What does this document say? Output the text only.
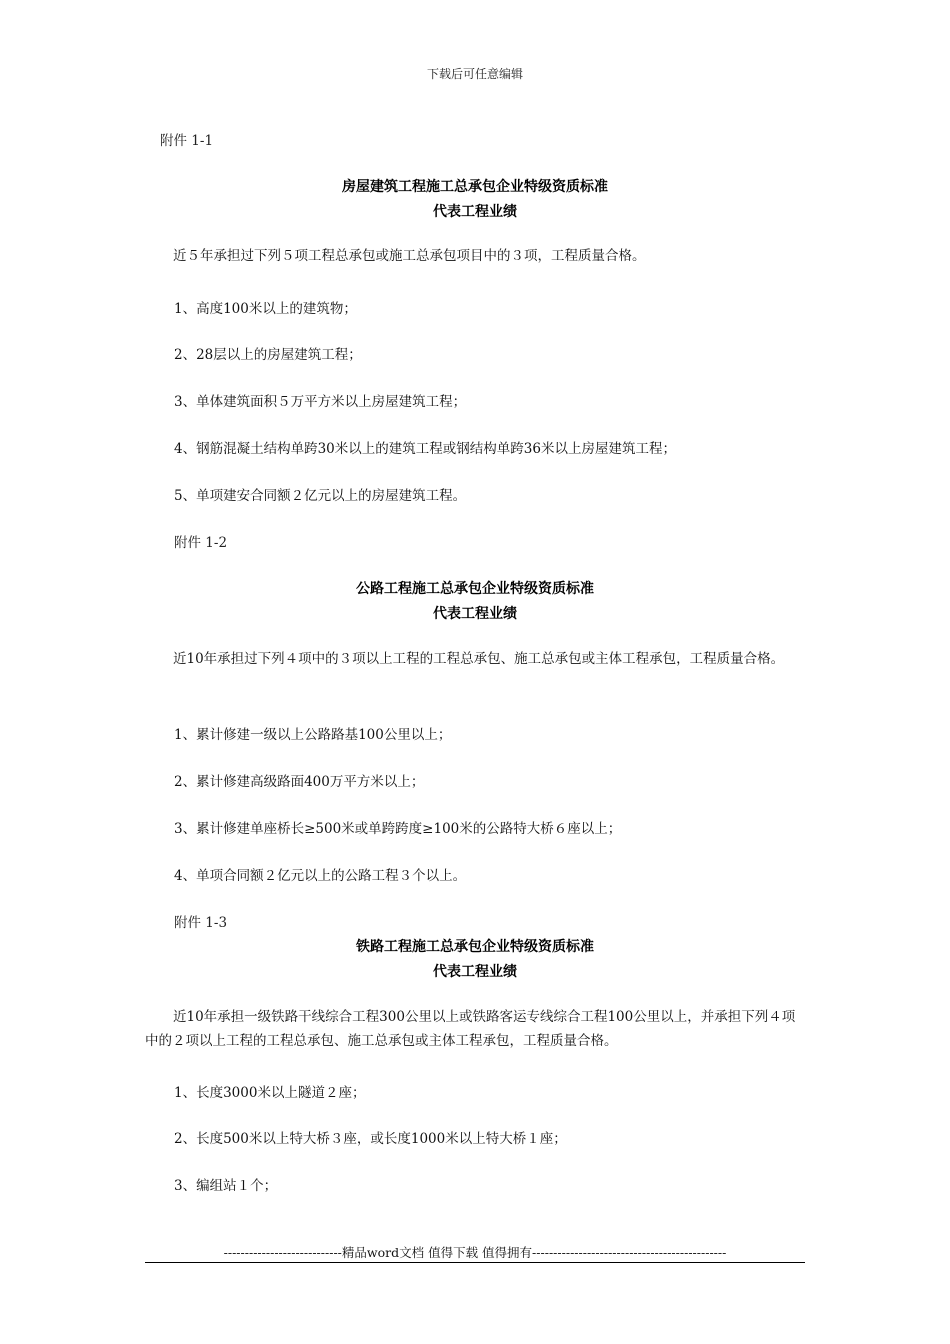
下载后可任意编辑
附件 1-1
房屋建筑工程施工总承包企业特级资质标准
代表工程业绩
近５年承担过下列５项工程总承包或施工总承包项目中的３项，工程质量合格。
1、高度100米以上的建筑物；
2、28层以上的房屋建筑工程；
3、单体建筑面积５万平方米以上房屋建筑工程；
4、钢筋混凝土结构单跨30米以上的建筑工程或钢结构单跨36米以上房屋建筑工程；
5、单项建安合同额２亿元以上的房屋建筑工程。
附件 1-2
公路工程施工总承包企业特级资质标准
代表工程业绩
近10年承担过下列４项中的３项以上工程的工程总承包、施工总承包或主体工程承包，工程质量合格。
1、累计修建一级以上公路路基100公里以上；
2、累计修建高级路面400万平方米以上；
3、累计修建单座桥长≥500米或单跨跨度≥100米的公路特大桥６座以上；
4、单项合同额２亿元以上的公路工程３个以上。
附件 1-3
铁路工程施工总承包企业特级资质标准
代表工程业绩
近10年承担一级铁路干线综合工程300公里以上或铁路客运专线综合工程100公里以上，并承担下列４项中的２项以上工程的工程总承包、施工总承包或主体工程承包，工程质量合格。
1、长度3000米以上隧道２座；
2、长度500米以上特大桥３座，或长度1000米以上特大桥１座；
3、编组站１个；
----------------------------精品word文档 值得下载 值得拥有----------------------------------------------
